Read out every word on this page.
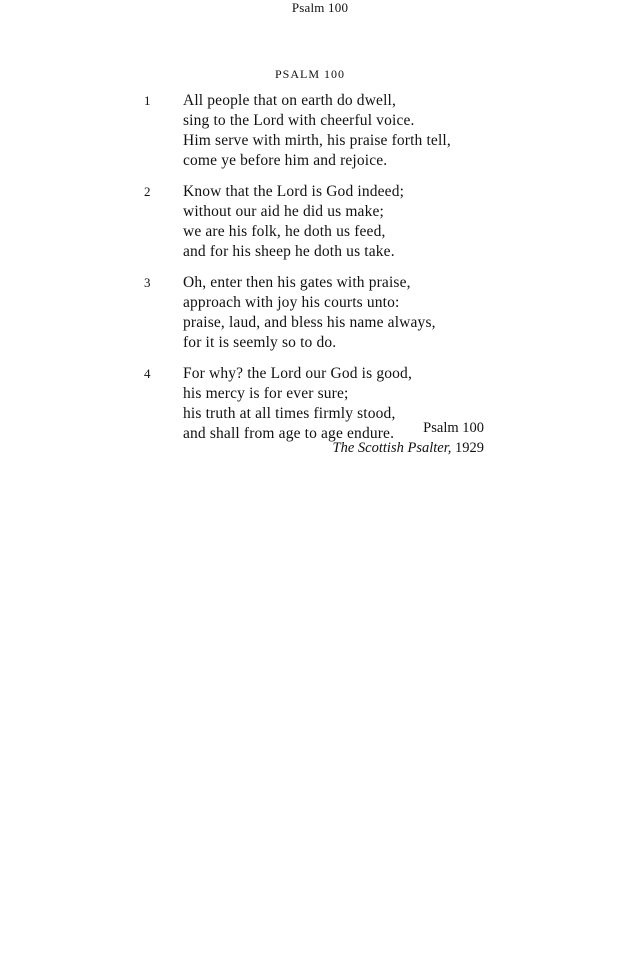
Psalm 100
PSALM 100
1 All people that on earth do dwell,
sing to the Lord with cheerful voice.
Him serve with mirth, his praise forth tell,
come ye before him and rejoice.
2 Know that the Lord is God indeed;
without our aid he did us make;
we are his folk, he doth us feed,
and for his sheep he doth us take.
3 Oh, enter then his gates with praise,
approach with joy his courts unto:
praise, laud, and bless his name always,
for it is seemly so to do.
4 For why? the Lord our God is good,
his mercy is for ever sure;
his truth at all times firmly stood,
and shall from age to age endure.	Psalm 100
The Scottish Psalter, 1929
